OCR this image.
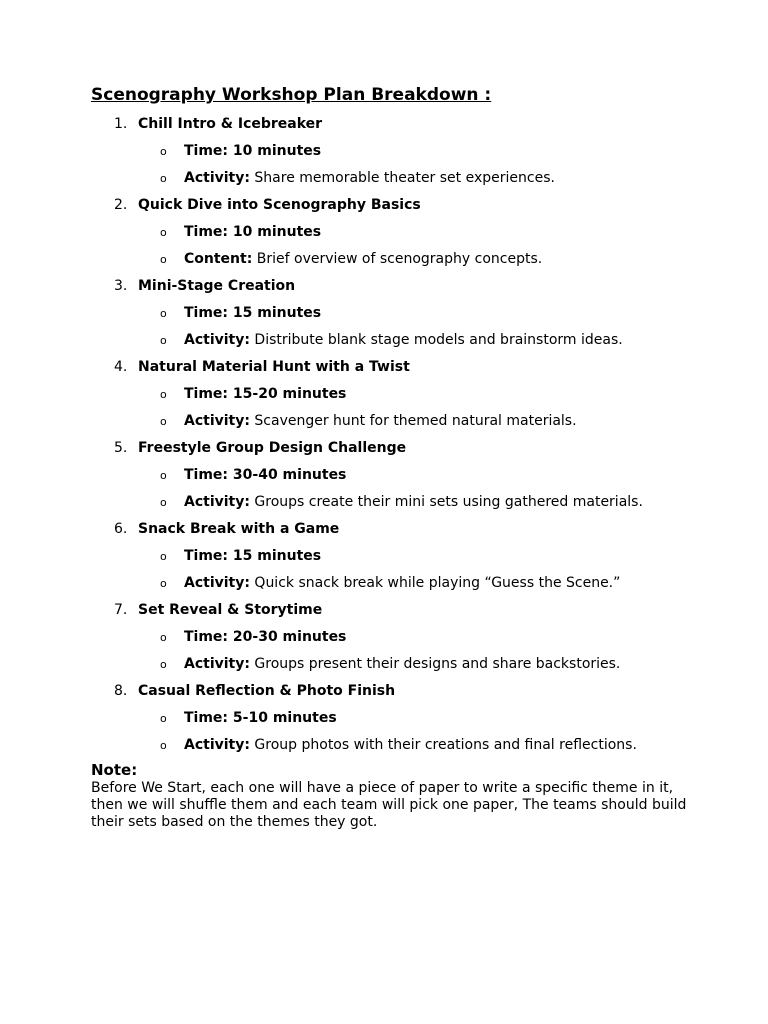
Scenography Workshop Plan Breakdown :
1. Chill Intro & Icebreaker
o Time: 10 minutes
o Activity: Share memorable theater set experiences.
2. Quick Dive into Scenography Basics
o Time: 10 minutes
o Content: Brief overview of scenography concepts.
3. Mini-Stage Creation
o Time: 15 minutes
o Activity: Distribute blank stage models and brainstorm ideas.
4. Natural Material Hunt with a Twist
o Time: 15-20 minutes
o Activity: Scavenger hunt for themed natural materials.
5. Freestyle Group Design Challenge
o Time: 30-40 minutes
o Activity: Groups create their mini sets using gathered materials.
6. Snack Break with a Game
o Time: 15 minutes
o Activity: Quick snack break while playing “Guess the Scene.”
7. Set Reveal & Storytime
o Time: 20-30 minutes
o Activity: Groups present their designs and share backstories.
8. Casual Reflection & Photo Finish
o Time: 5-10 minutes
o Activity: Group photos with their creations and final reflections.
Note:
Before We Start, each one will have a piece of paper to write a specific theme in it, then we will shuffle them and each team will pick one paper, The teams should build their sets based on the themes they got.
